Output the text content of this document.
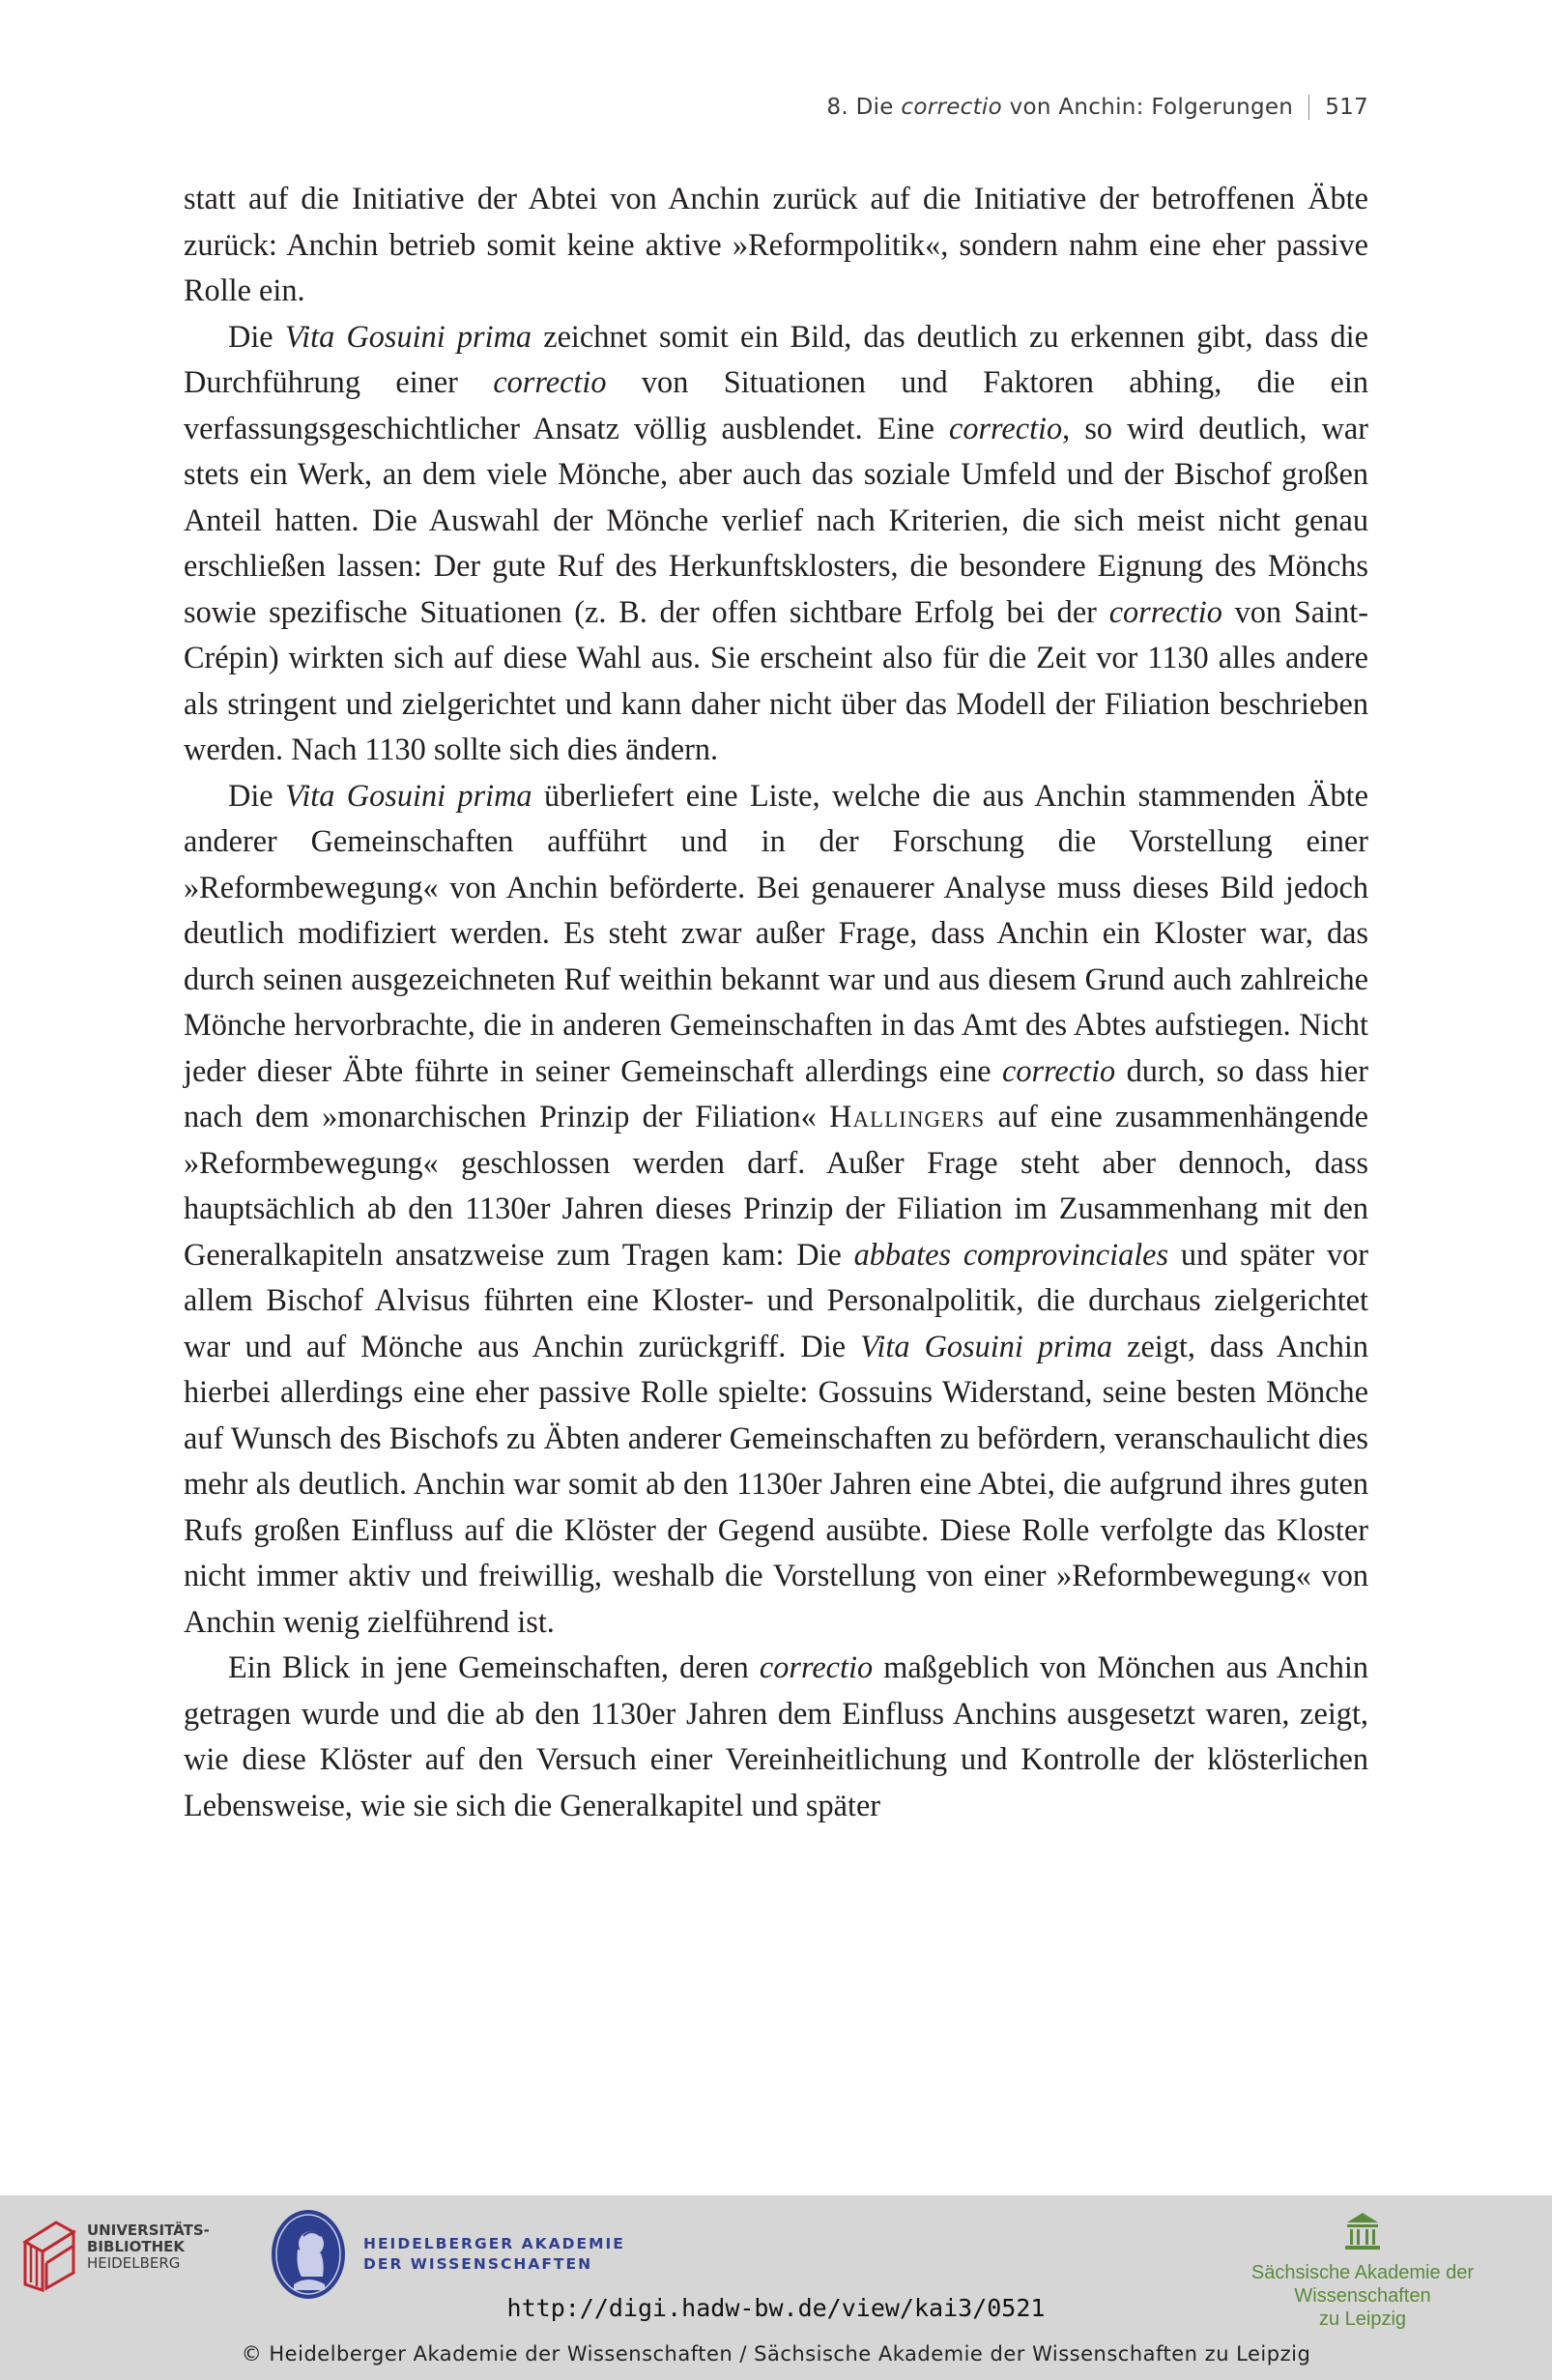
8. Die correctio von Anchin: Folgerungen 517

statt auf die Initiative der Abtei von Anchin zurück auf die Initiative der betroffenen Äbte zurück: Anchin betrieb somit keine aktive »Reformpolitik«, sondern nahm eine eher passive Rolle ein.

Die Vita Gosuini prima zeichnet somit ein Bild, das deutlich zu erkennen gibt, dass die Durchführung einer correctio von Situationen und Faktoren abhing, die ein verfassungsgeschichtlicher Ansatz völlig ausblendet. Eine correctio, so wird deutlich, war stets ein Werk, an dem viele Mönche, aber auch das soziale Umfeld und der Bischof großen Anteil hatten. Die Auswahl der Mönche verlief nach Kriterien, die sich meist nicht genau erschließen lassen: Der gute Ruf des Herkunftsklosters, die besondere Eignung des Mönchs sowie spezifische Situationen (z. B. der offen sichtbare Erfolg bei der correctio von Saint-Crépin) wirkten sich auf diese Wahl aus. Sie erscheint also für die Zeit vor 1130 alles andere als stringent und zielgerichtet und kann daher nicht über das Modell der Filiation beschrieben werden. Nach 1130 sollte sich dies ändern.

Die Vita Gosuini prima überliefert eine Liste, welche die aus Anchin stammenden Äbte anderer Gemeinschaften aufführt und in der Forschung die Vorstellung einer »Reformbewegung« von Anchin beförderte. Bei genauerer Analyse muss dieses Bild jedoch deutlich modifiziert werden. Es steht zwar außer Frage, dass Anchin ein Kloster war, das durch seinen ausgezeichneten Ruf weithin bekannt war und aus diesem Grund auch zahlreiche Mönche hervorbrachte, die in anderen Gemeinschaften in das Amt des Abtes aufstiegen. Nicht jeder dieser Äbte führte in seiner Gemeinschaft allerdings eine correctio durch, so dass hier nach dem »monarchischen Prinzip der Filiation« Hallingers auf eine zusammenhängende »Reformbewegung« geschlossen werden darf. Außer Frage steht aber dennoch, dass hauptsächlich ab den 1130er Jahren dieses Prinzip der Filiation im Zusammenhang mit den Generalkapiteln ansatzweise zum Tragen kam: Die abbates comprovinciales und später vor allem Bischof Alvisus führten eine Kloster- und Personalpolitik, die durchaus zielgerichtet war und auf Mönche aus Anchin zurückgriff. Die Vita Gosuini prima zeigt, dass Anchin hierbei allerdings eine eher passive Rolle spielte: Gossuins Widerstand, seine besten Mönche auf Wunsch des Bischofs zu Äbten anderer Gemeinschaften zu befördern, veranschaulicht dies mehr als deutlich. Anchin war somit ab den 1130er Jahren eine Abtei, die aufgrund ihres guten Rufs großen Einfluss auf die Klöster der Gegend ausübte. Diese Rolle verfolgte das Kloster nicht immer aktiv und freiwillig, weshalb die Vorstellung von einer »Reformbewegung« von Anchin wenig zielführend ist.

Ein Blick in jene Gemeinschaften, deren correctio maßgeblich von Mönchen aus Anchin getragen wurde und die ab den 1130er Jahren dem Einfluss Anchins ausgesetzt waren, zeigt, wie diese Klöster auf den Versuch einer Vereinheitlichung und Kontrolle der klösterlichen Lebensweise, wie sie sich die Generalkapitel und später

UNIVERSITÄTS-
BIBLIOTHEK
HEIDELBERG
HEIDELBERGER AKADEMIE
DER WISSENSCHAFTEN	Sächsische Akademie der Wissenschaften
zu Leipzig
http://digi.hadw-bw.de/view/kai3/0521
© Heidelberger Akademie der Wissenschaften / Sächsische Akademie der Wissenschaften zu Leipzig
